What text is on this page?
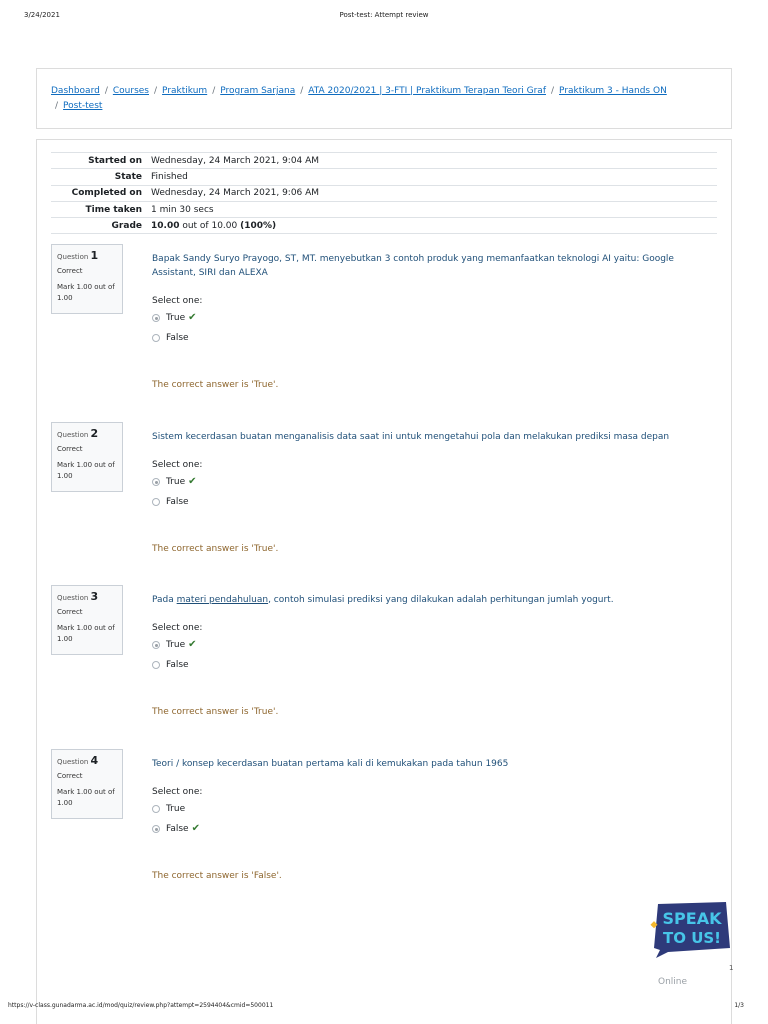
3/24/2021	Post-test: Attempt review
Dashboard / Courses / Praktikum / Program Sarjana / ATA 2020/2021 | 3-FTI | Praktikum Terapan Teori Graf / Praktikum 3 - Hands ON
/ Post-test
Started on	Wednesday, 24 March 2021, 9:04 AM
State	Finished
Completed on	Wednesday, 24 March 2021, 9:06 AM
Time taken	1 min 30 secs
Grade	10.00 out of 10.00 (100%)
Question 1
Correct
Mark 1.00 out of 1.00
Bapak Sandy Suryo Prayogo, ST, MT. menyebutkan 3 contoh produk yang memanfaatkan teknologi AI yaitu: Google Assistant, SIRI dan ALEXA
Select one:
True ✔
False
The correct answer is 'True'.
Question 2
Correct
Mark 1.00 out of 1.00
Sistem kecerdasan buatan menganalisis data saat ini untuk mengetahui pola dan melakukan prediksi masa depan
Select one:
True ✔
False
The correct answer is 'True'.
Question 3
Correct
Mark 1.00 out of 1.00
Pada materi pendahuluan, contoh simulasi prediksi yang dilakukan adalah perhitungan jumlah yogurt.
Select one:
True ✔
False
The correct answer is 'True'.
Question 4
Correct
Mark 1.00 out of 1.00
Teori / konsep kecerdasan buatan pertama kali di kemukakan pada tahun 1965
Select one:
True
False ✔
The correct answer is 'False'.
SPEAK
TO US!
1
Online
https://v-class.gunadarma.ac.id/mod/quiz/review.php?attempt=2594404&cmid=500011	1/3
